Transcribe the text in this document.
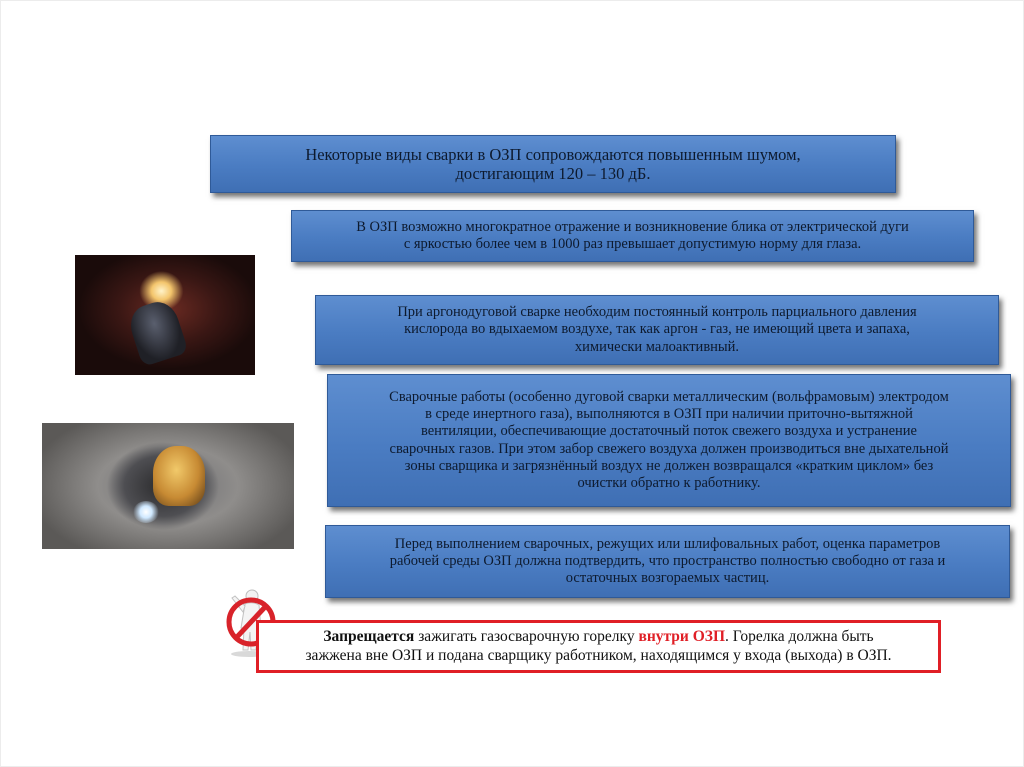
Некоторые виды сварки в ОЗП сопровождаются повышенным шумом,
достигающим 120 – 130 дБ.
В ОЗП возможно многократное отражение и возникновение блика от электрической дуги
с яркостью более чем в 1000 раз превышает допустимую норму для глаза.
При аргонодуговой сварке необходим постоянный контроль парциального давления
кислорода во вдыхаемом воздухе, так как аргон - газ, не имеющий цвета и запаха,
химически малоактивный.
Сварочные работы (особенно дуговой сварки металлическим (вольфрамовым) электродом
в среде инертного газа), выполняются в ОЗП при наличии приточно-вытяжной
вентиляции, обеспечивающие достаточный поток свежего воздуха и устранение
сварочных газов. При этом забор свежего воздуха должен производиться вне дыхательной
зоны сварщика и загрязнённый воздух не должен возвращался «кратким циклом» без
очистки обратно к работнику.
Перед выполнением сварочных, режущих или шлифовальных работ, оценка параметров
рабочей среды ОЗП должна подтвердить, что пространство полностью свободно от газа и
остаточных возгораемых частиц.
Запрещается зажигать газосварочную горелку внутри ОЗП. Горелка должна быть
зажжена вне ОЗП и подана сварщику работником, находящимся у входа (выхода) в ОЗП.
